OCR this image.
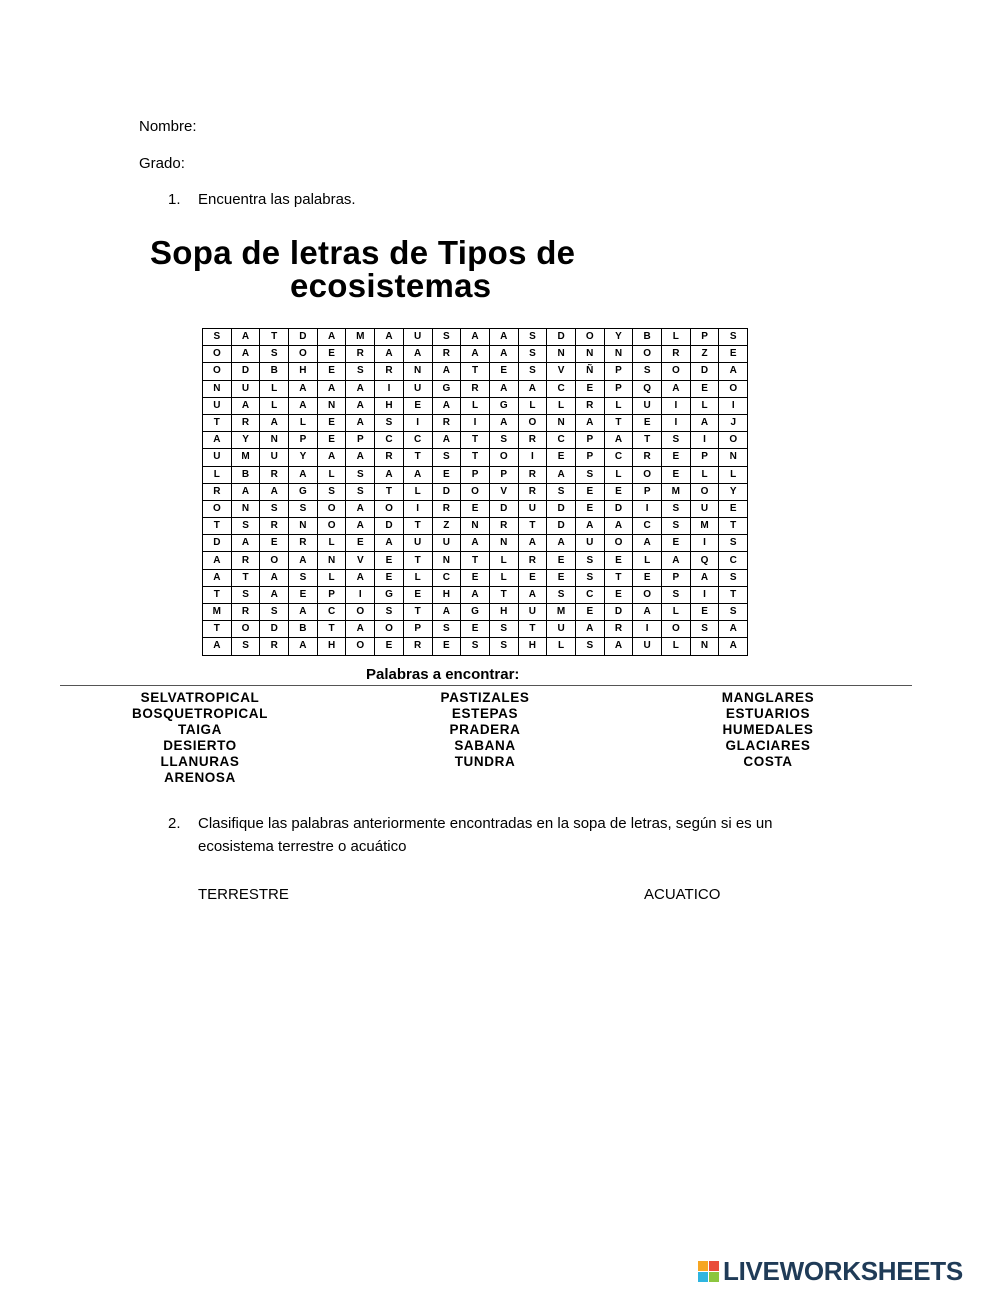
Nombre:
Grado:
1. Encuentra las palabras.
Sopa de letras de Tipos de
ecosistemas
S	A	T	D	A	M	A	U	S	A	A	S	D	O	Y	B	L	P	S
O	A	S	O	E	R	A	A	R	A	A	S	N	N	N	O	R	Z	E
O	D	B	H	E	S	R	N	A	T	E	S	V	Ñ	P	S	O	D	A
N	U	L	A	A	A	I	U	G	R	A	A	C	E	P	Q	A	E	O
U	A	L	A	N	A	H	E	A	L	G	L	L	R	L	U	I	L	I
T	R	A	L	E	A	S	I	R	I	A	O	N	A	T	E	I	A	J
A	Y	N	P	E	P	C	C	A	T	S	R	C	P	A	T	S	I	O
U	M	U	Y	A	A	R	T	S	T	O	I	E	P	C	R	E	P	N
L	B	R	A	L	S	A	A	E	P	P	R	A	S	L	O	E	L	L
R	A	A	G	S	S	T	L	D	O	V	R	S	E	E	P	M	O	Y
O	N	S	S	O	A	O	I	R	E	D	U	D	E	D	I	S	U	E
T	S	R	N	O	A	D	T	Z	N	R	T	D	A	A	C	S	M	T
D	A	E	R	L	E	A	U	U	A	N	A	A	U	O	A	E	I	S
A	R	O	A	N	V	E	T	N	T	L	R	E	S	E	L	A	Q	C
A	T	A	S	L	A	E	L	C	E	L	E	E	S	T	E	P	A	S
T	S	A	E	P	I	G	E	H	A	T	A	S	C	E	O	S	I	T
M	R	S	A	C	O	S	T	A	G	H	U	M	E	D	A	L	E	S
T	O	D	B	T	A	O	P	S	E	S	T	U	A	R	I	O	S	A
A	S	R	A	H	O	E	R	E	S	S	H	L	S	A	U	L	N	A
Palabras a encontrar:
SELVATROPICAL
BOSQUETROPICAL
TAIGA
DESIERTO
LLANURAS
ARENOSA
PASTIZALES
ESTEPAS
PRADERA
SABANA
TUNDRA
MANGLARES
ESTUARIOS
HUMEDALES
GLACIARES
COSTA
2. Clasifique las palabras anteriormente encontradas en la sopa de letras, según si es un
ecosistema terrestre o acuático
TERRESTRE	ACUATICO
LIVEWORKSHEETS
